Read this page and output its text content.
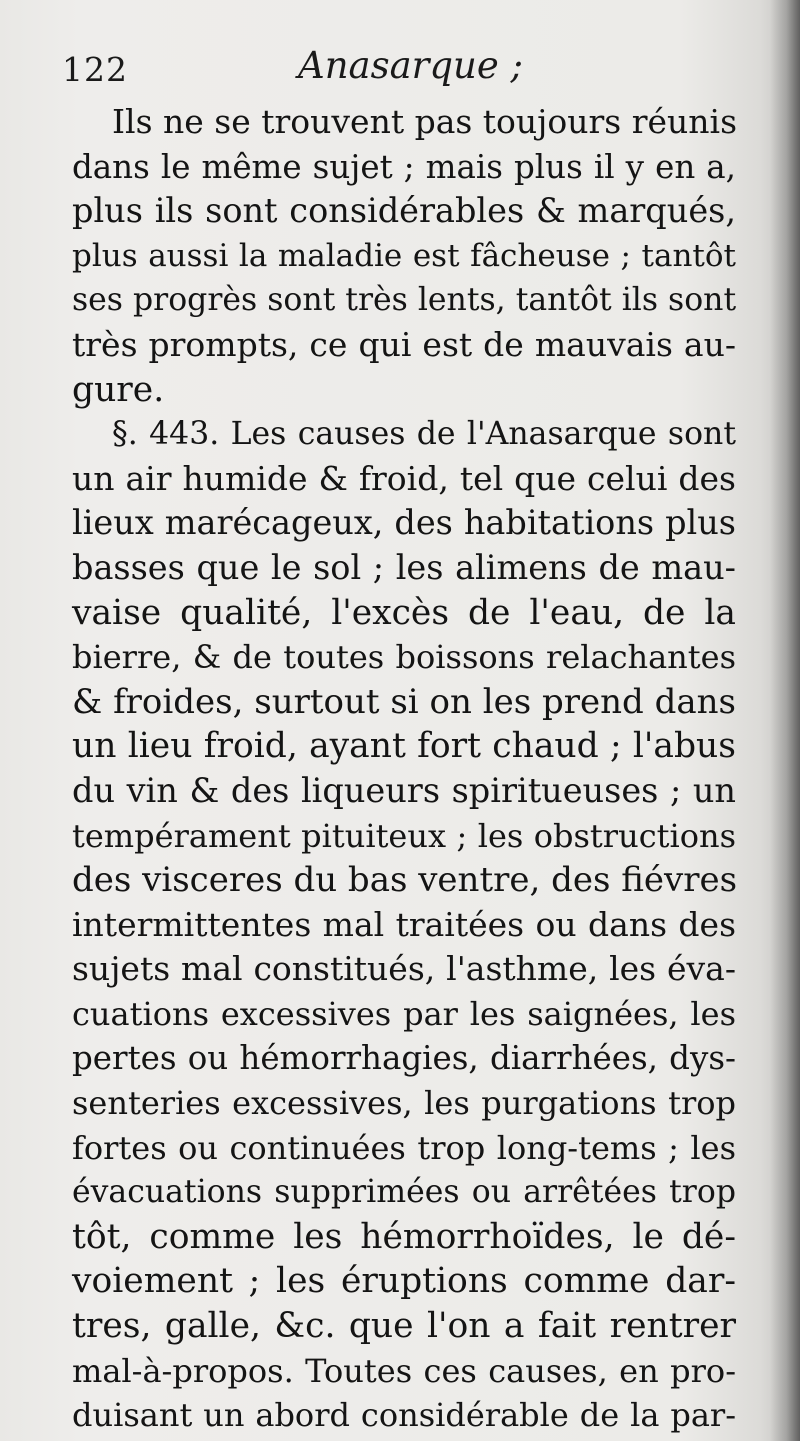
122	Anasarque ;
Ils ne se trouvent pas toujours réunis
dans le même sujet ; mais plus il y en a,
plus ils sont considérables & marqués,
plus aussi la maladie est fâcheuse ; tantôt
ses progrès sont très lents, tantôt ils sont
très prompts, ce qui est de mauvais au-
gure.
§. 443. Les causes de l'Anasarque sont
un air humide & froid, tel que celui des
lieux marécageux, des habitations plus
basses que le sol ; les alimens de mau-
vaise qualité, l'excès de l'eau, de la
bierre, & de toutes boissons relachantes
& froides, surtout si on les prend dans
un lieu froid, ayant fort chaud ; l'abus
du vin & des liqueurs spiritueuses ; un
tempérament pituiteux ; les obstructions
des visceres du bas ventre, des fiévres
intermittentes mal traitées ou dans des
sujets mal constitués, l'asthme, les éva-
cuations excessives par les saignées, les
pertes ou hémorrhagies, diarrhées, dys-
senteries excessives, les purgations trop
fortes ou continuées trop long-tems ; les
évacuations supprimées ou arrêtées trop
tôt, comme les hémorrhoïdes, le dé-
voiement ; les éruptions comme dar-
tres, galle, &c. que l'on a fait rentrer
mal-à-propos. Toutes ces causes, en pro-
duisant un abord considérable de la par-
